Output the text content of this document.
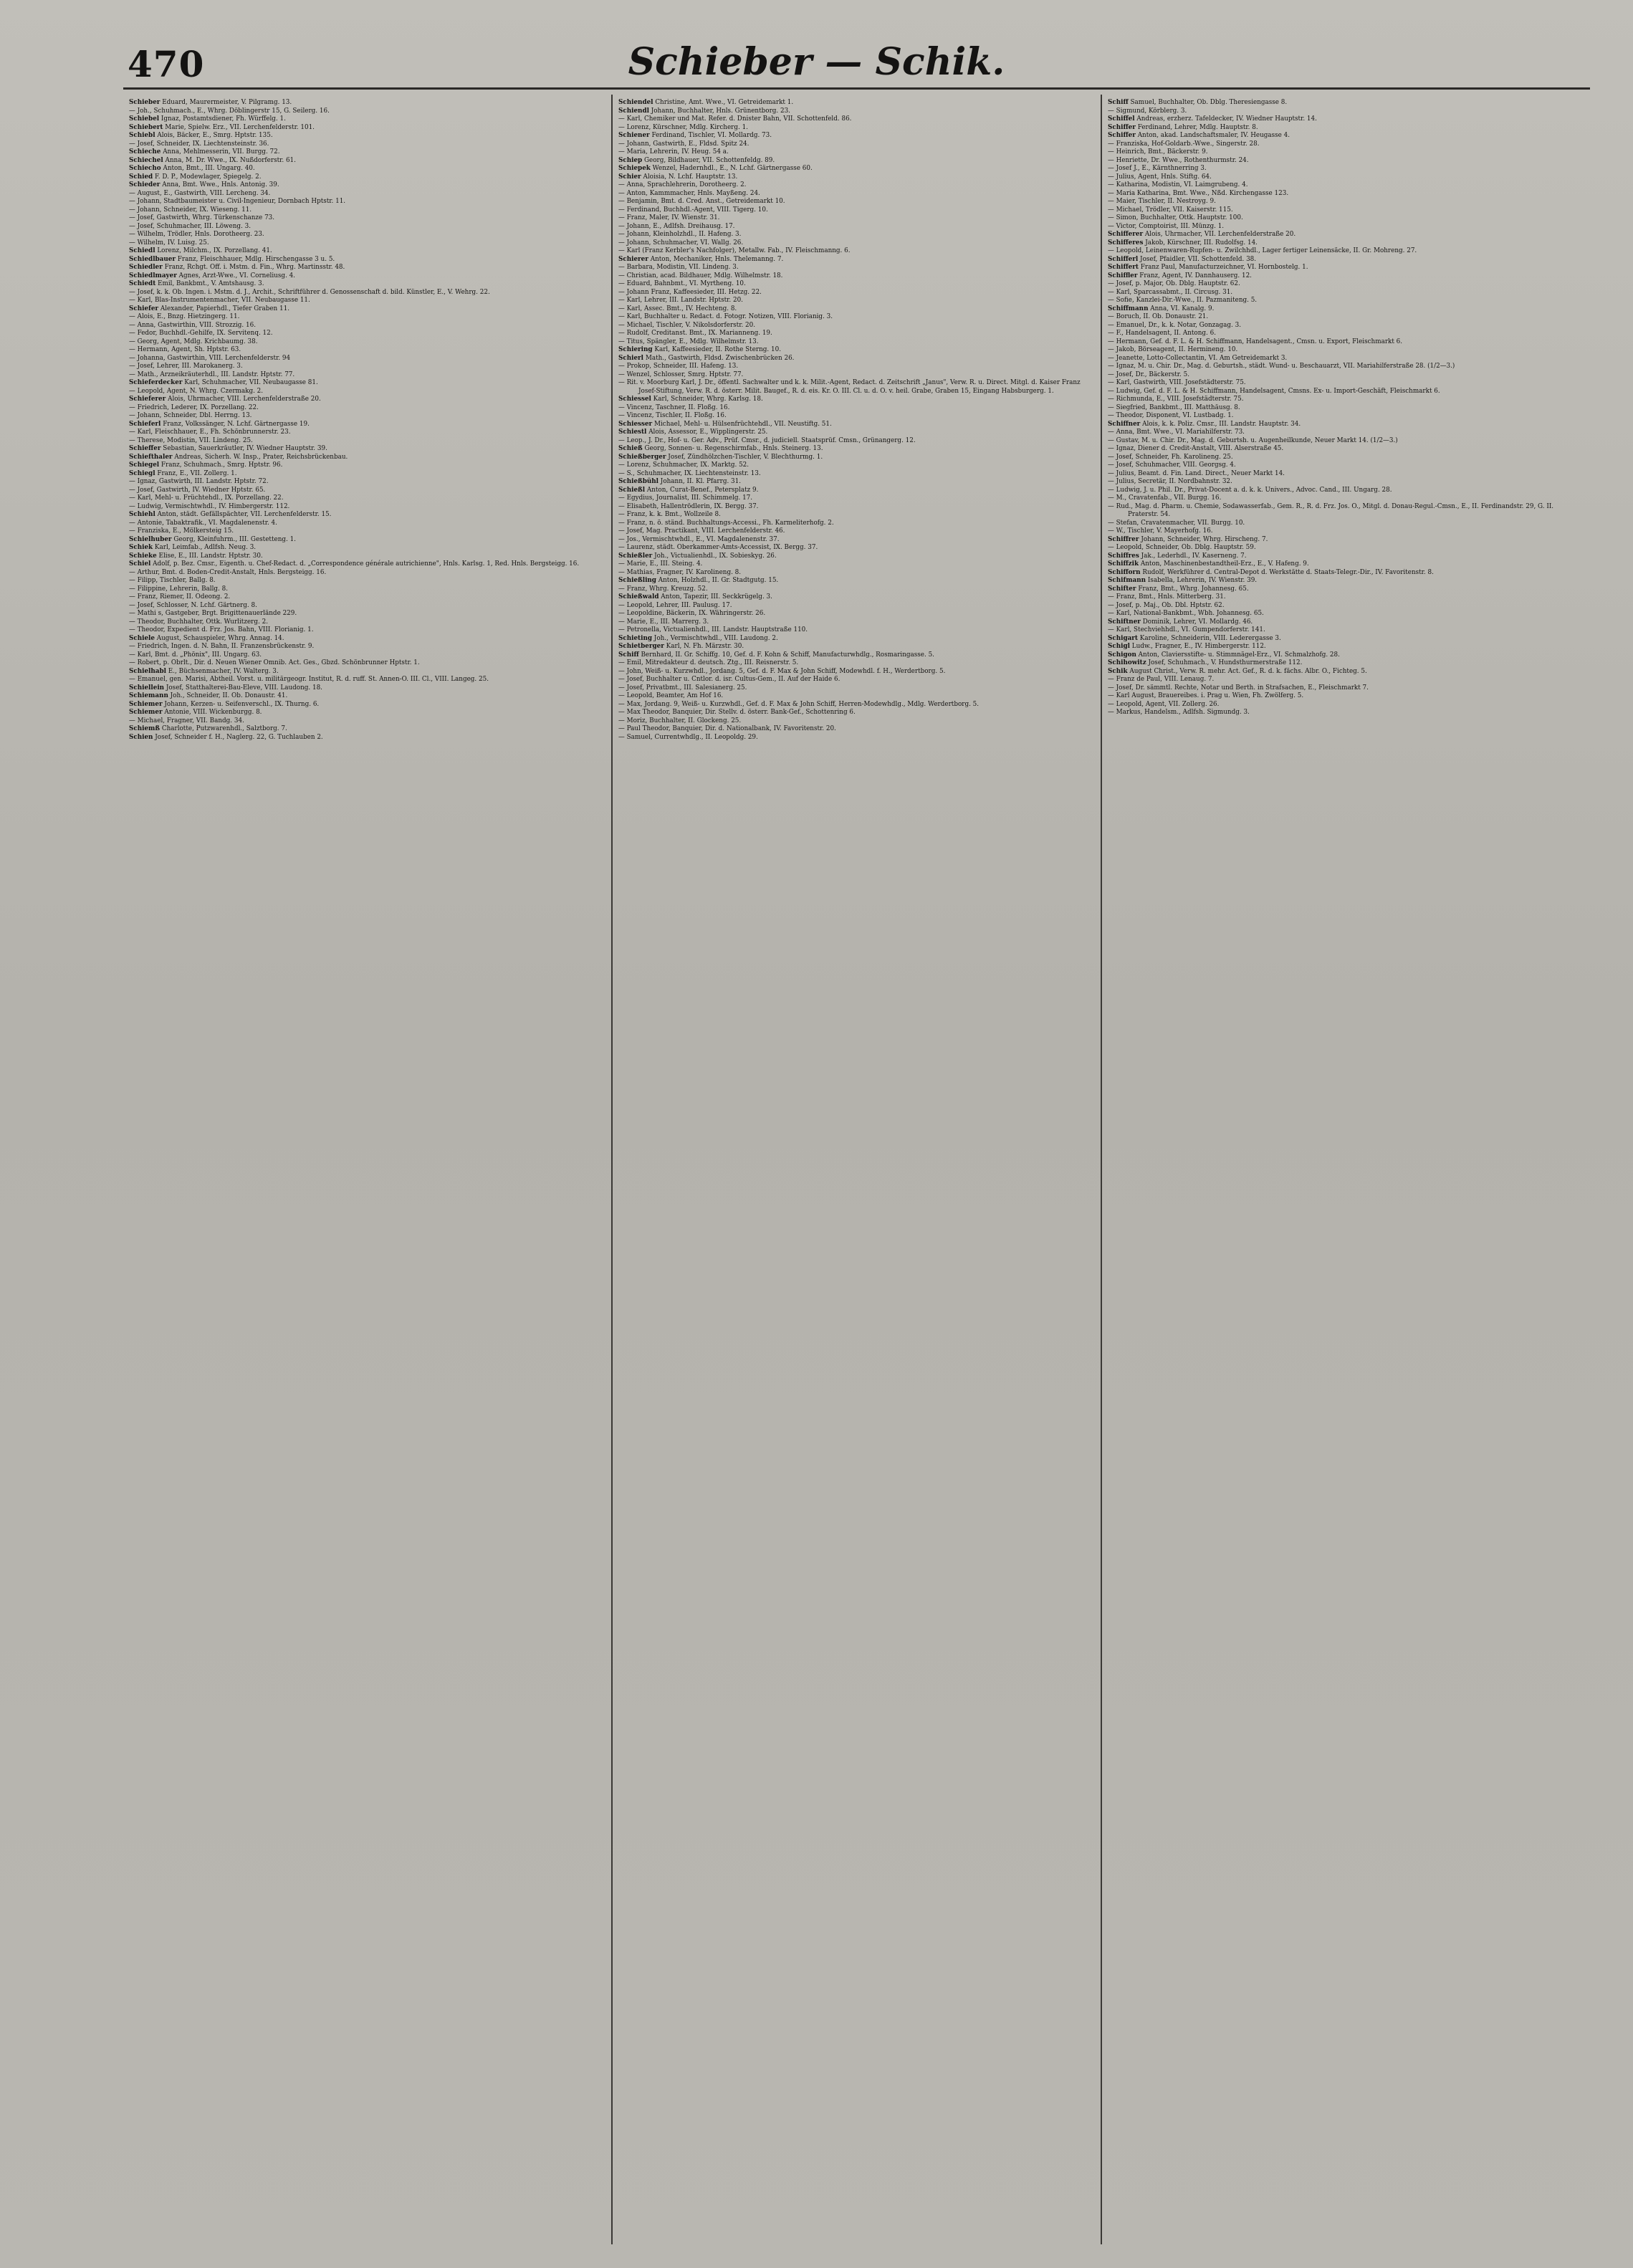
470	Schieber — Schik.

Schieber Eduard, Maurermeister, V. Pilgramg. 13.

— Joh., Schuhmach., E., Whrg. Döblingerstr 15, G. Seilerg. 16.

Schiebel Ignaz, Postamtsdiener, Fh. Würffelg. 1.

Schiebert Marie, Spielw. Erz., VII. Lerchenfelderstr. 101.

Schiebl Alois, Bäcker, E., Smrg. Hptstr. 135.

— Josef, Schneider, IX. Liechtensteinstr. 36.

Schieche Anna, Mehlmesserin, VII. Burgg. 72.

Schiechel Anna, M. Dr. Wwe., IX. Nußdorferstr. 61.

Schiecho Anton, Bmt., III. Ungarg. 40.

Schied F. D. P., Modewlager, Spiegelg. 2.

Schieder Anna, Bmt. Wwe., Hnls. Antonig. 39.

— August, E., Gastwirth, VIII. Lercheng. 34.

— Johann, Stadtbaumeister u. Civil-Ingenieur, Dornbach Hptstr. 11.

— Johann, Schneider, IX. Wieseng. 11.

— Josef, Gastwirth, Whrg. Türkenschanze 73.

— Josef, Schuhmacher, III. Löweng. 3.

— Wilhelm, Trödler, Hnls. Dorotheerg. 23.

— Wilhelm, IV. Luisg. 25.

Schiedl Lorenz, Milchm., IX. Porzellang. 41.

Schiedlbauer Franz, Fleischhauer, Mdlg. Hirschengasse 3 u. 5.

Schiedler Franz, Rchgt. Off. i. Mstm. d. Fin., Whrg. Martinsstr. 48.

Schiedlmayer Agnes, Arzt-Wwe., VI. Corneliusg. 4.

Schiedt Emil, Bankbmt., V. Amtshausg. 3.

— Josef, k. k. Ob. Ingen. i. Mstm. d. J., Archit., Schriftführer d. Genossenschaft d. bild. Künstler, E., V. Wehrg. 22.

— Karl, Blas-Instrumentenmacher, VII. Neubaugasse 11.

Schiefer Alexander, Papierhdl., Tiefer Graben 11.

— Alois, E., Bnzg. Hietzingerg. 11.

— Anna, Gastwirthin, VIII. Strozzig. 16.

— Fedor, Buchhdl.-Gehilfe, IX. Servitenq. 12.

— Georg, Agent, Mdlg. Krichbaumg. 38.

— Hermann, Agent, Sh. Hptstr. 63.

— Johanna, Gastwirthin, VIII. Lerchenfelderstr. 94

— Josef, Lehrer, III. Marokanerg. 3.

— Math., Arzneikräuterhdl., III. Landstr. Hptstr. 77.

Schieferdecker Karl, Schuhmacher, VII. Neubaugasse 81.

— Leopold, Agent, N. Whrg. Czermakg. 2.

Schieferer Alois, Uhrmacher, VIII. Lerchenfelderstraße 20.

— Friedrich, Lederer, IX. Porzellang. 22.

— Johann, Schneider, Dbl. Herrng. 13.

Schieferl Franz, Volkssänger, N. Lchf. Gärtnergasse 19.

— Karl, Fleischhauer, E., Fh. Schönbrunnerstr. 23.

— Therese, Modistin, VII. Lindeng. 25.

Schieffer Sebastian, Sauerkräutler, IV. Wiedner Hauptstr. 39.

Schiefthaler Andreas, Sicherh. W. Insp., Prater, Reichsbrückenbau.

Schiegel Franz, Schuhmach., Smrg. Hptstr. 96.

Schiegl Franz, E., VII. Zollerg. 1.

— Ignaz, Gastwirth, III. Landstr. Hptstr. 72.

— Josef, Gastwirth, IV. Wiedner Hptstr. 65.

— Karl, Mehl- u. Früchtehdl., IX. Porzellang. 22.

— Ludwig, Vermischtwhdl., IV. Himbergerstr. 112.

Schiehl Anton, städt. Gefällspächter, VII. Lerchenfelderstr. 15.

— Antonie, Tabaktrafik., VI. Magdalenenstr. 4.

— Franziska, E., Mölkersteig 15.

Schielhuber Georg, Kleinfuhrm., III. Gestetteng. 1.

Schiek Karl, Leimfab., Adlfsh. Neug. 3.

Schieke Elise, E., III. Landstr. Hptstr. 30.

Schiel Adolf, p. Bez. Cmsr., Eigenth. u. Chef-Redact. d. „Correspondence générale autrichienne", Hnls. Karlsg. 1, Red. Hnls. Bergsteigg. 16.

— Arthur, Bmt. d. Boden-Credit-Anstalt, Hnls. Bergsteigg. 16.

— Filipp, Tischler, Ballg. 8.

— Filippine, Lehrerin, Ballg. 8.

— Franz, Riemer, II. Odeong. 2.

— Josef, Schlosser, N. Lchf. Gärtnerg. 8.

— Mathi s, Gastgeber, Brgt. Brigittenauerlände 229.

— Theodor, Buchhalter, Ottk. Wurlitzerg. 2.

— Theodor, Expedient d. Frz. Jos. Bahn, VIII. Florianig. 1.

Schiele August, Schauspieler, Whrg. Annag. 14.

— Friedrich, Ingen. d. N. Bahn, II. Franzensbrückenstr. 9.

— Karl, Bmt. d. „Phönix", III. Ungarg. 63.

— Robert, p. Obrlt., Dir. d. Neuen Wiener Omnib. Act. Ges., Gbzd. Schönbrunner Hptstr. 1.

Schielhabl E., Büchsenmacher, IV. Walterg. 3.

— Emanuel, gen. Marisi, Abtheil. Vorst. u. militärgeogr. Institut, R. d. ruff. St. Annen-O. III. Cl., VIII. Langeg. 25.

Schiellein Josef, Statthalterei-Bau-Eleve, VIII. Laudong. 18.

Schiemann Joh., Schneider, II. Ob. Donaustr. 41.

Schiemer Johann, Kerzen- u. Seifenverschl., IX. Thurng. 6.

Schiemer Antonie, VIII. Wickenburgg. 8.

— Michael, Fragner, VII. Bandg. 34.

Schiemß Charlotte, Putzwarenhdl., Salztborg. 7.

Schien Josef, Schneider f. H., Naglerg. 22, G. Tuchlauben 2.

Schiendel Christine, Amt. Wwe., VI. Getreidemarkt 1.

Schiendl Johann, Buchhalter, Hnls. Grünentborg. 23.

— Karl, Chemiker und Mat. Refer. d. Dnister Bahn, VII. Schottenfeld. 86.

— Lorenz, Kürschner, Mdlg. Kircherg. 1.

Schiener Ferdinand, Tischler, VI. Mollardg. 73.

— Johann, Gastwirth, E., Fldsd. Spitz 24.

— Maria, Lehrerin, IV. Heug. 54 a.

Schiep Georg, Bildhauer, VII. Schottenfeldg. 89.

Schiepek Wenzel, Hadernhdl., E., N. Lchf. Gärtnergasse 60.

Schier Aloisia, N. Lchf. Hauptstr. 13.

— Anna, Sprachlehrerin, Dorotheerg. 2.

— Anton, Kammmacher, Hnls. Mayßeng. 24.

— Benjamin, Bmt. d. Cred. Anst., Getreidemarkt 10.

— Ferdinand, Buchhdl.-Agent, VIII. Tigerg. 10.

— Franz, Maler, IV. Wienstr. 31.

— Johann, E., Adlfsh. Dreihausg. 17.

— Johann, Kleinholzhdl., II. Hafeng. 3.

— Johann, Schuhmacher, VI. Wallg. 26.

— Karl (Franz Kerbler's Nachfolger), Metallw. Fab., IV. Fleischmanng. 6.

Schierer Anton, Mechaniker, Hnls. Thelemanng. 7.

— Barbara, Modistin, VII. Lindeng. 3.

— Christian, acad. Bildhauer, Mdlg. Wilhelmstr. 18.

— Eduard, Bahnbmt., VI. Myrtheng. 10.

— Johann Franz, Kaffeesieder, III. Hetzg. 22.

— Karl, Lehrer, III. Landstr. Hptstr. 20.

— Karl, Assec. Bmt., IV. Hechteng. 8.

— Karl, Buchhalter u. Redact. d. Fotogr. Notizen, VIII. Florianig. 3.

— Michael, Tischler, V. Nikolsdorferstr. 20.

— Rudolf, Creditanst. Bmt., IX. Marianneng. 19.

— Titus, Spängler, E., Mdlg. Wilhelmstr. 13.

Schiering Karl, Kaffeesieder, II. Rothe Sterng. 10.

Schierl Math., Gastwirth, Fldsd. Zwischenbrücken 26.

— Prokop, Schneider, III. Hafeng. 13.

— Wenzel, Schlosser, Smrg. Hptstr. 77.

— Rit. v. Moorburg Karl, J. Dr., öffentl. Sachwalter und k. k. Milit.-Agent, Redact. d. Zeitschrift „Janus", Verw. R. u. Direct. Mitgl. d. Kaiser Franz Josef-Stiftung, Verw. R. d. österr. Milit. Baugef., R. d. eis. Kr. O. III. Cl. u. d. O. v. heil. Grabe, Graben 15, Eingang Habsburgerg. 1.

Schiessel Karl, Schneider, Whrg. Karlsg. 18.

— Vincenz, Taschner, II. Floßg. 16.

— Vincenz, Tischler, II. Floßg. 16.

Schiesser Michael, Mehl- u. Hülsenfrüchtehdl., VII. Neustiftg. 51.

Schiestl Alois, Assessor, E., Wipplingerstr. 25.

— Leop., J. Dr., Hof- u. Ger. Adv., Prüf. Cmsr., d. judiciell. Staatsprüf. Cmsn., Grünangerg. 12.

Schieß Georg, Sonnen- u. Regenschirmfab., Hnls. Steinerg. 13.

Schießberger Josef, Zündhölzchen-Tischler, V. Blechthurmg. 1.

— Lorenz, Schuhmacher, IX. Marktg. 52.

— S., Schuhmacher, IX. Liechtensteinstr. 13.

Schießbühl Johann, II. Kl. Pfarrg. 31.

Schießl Anton, Curat-Benef., Petersplatz 9.

— Egydius, Journalist, III. Schimmelg. 17.

— Elisabeth, Hallentrödlerin, IX. Bergg. 37.

— Franz, k. k. Bmt., Wollzeile 8.

— Franz, n. ö. ständ. Buchhaltungs-Accessi., Fh. Karmeliterhofg. 2.

— Josef, Mag. Practikant, VIII. Lerchenfelderstr. 46.

— Jos., Vermischtwhdl., E., VI. Magdalenenstr. 37.

— Laurenz, städt. Oberkammer-Amts-Accessist, IX. Bergg. 37.

Schießler Joh., Victualienhdl., IX. Sobieskyg. 26.

— Marie, E., III. Steing. 4.

— Mathias, Fragner, IV. Karolineng. 8.

Schießling Anton, Holzhdl., II. Gr. Stadtgutg. 15.

— Franz, Whrg. Kreuzg. 52.

Schießwald Anton, Tapezir, III. Seckkrügelg. 3.

— Leopold, Lehrer, III. Paulusg. 17.

— Leopoldine, Bäckerin, IX. Währingerstr. 26.

— Marie, E., III. Marrerg. 3.

— Petronella, Victualienhdl., III. Landstr. Hauptstraße 110.

Schieting Joh., Vermischtwhdl., VIII. Laudong. 2.

Schietberger Karl, N. Fh. Märzstr. 30.

Schiff Bernhard, II. Gr. Schiffg. 10, Gef. d. F. Kohn & Schiff, Manufacturwhdlg., Rosmaringasse. 5.

— Emil, Mitredakteur d. deutsch. Ztg., III. Reisnerstr. 5.

— John, Weiß- u. Kurzwhdl., Jordang. 5, Gef. d. F. Max & John Schiff, Modewhdl. f. H., Werdertborg. 5.

— Josef, Buchhalter u. Cntlor. d. isr. Cultus-Gem., II. Auf der Haide 6.

— Josef, Privatbmt., III. Salesianerg. 25.

— Leopold, Beamter, Am Hof 16.

— Max, Jordang. 9, Weiß- u. Kurzwhdl., Gef. d. F. Max & John Schiff, Herren-Modewhdlg., Mdlg. Werdertborg. 5.

— Max Theodor, Banquier, Dir. Stellv. d. österr. Bank-Gef., Schottenring 6.

— Moriz, Buchhalter, II. Glockeng. 25.

— Paul Theodor, Banquier, Dir. d. Nationalbank, IV. Favoritenstr. 20.

— Samuel, Currentwhdlg., II. Leopoldg. 29.

Schiff Samuel, Buchhalter, Ob. Dblg. Theresiengasse 8.

— Sigmund, Körblerg. 3.

Schiffel Andreas, erzherz. Tafeldecker, IV. Wiedner Hauptstr. 14.

Schiffer Ferdinand, Lehrer, Mdlg. Hauptstr. 8.

Schiffer Anton, akad. Landschaftsmaler, IV. Heugasse 4.

— Franziska, Hof-Goldarb.-Wwe., Singerstr. 28.

— Heinrich, Bmt., Bäckerstr. 9.

— Henriette, Dr. Wwe., Rothenthurmstr. 24.

— Josef J., E., Kärnthnerring 3.

— Julius, Agent, Hnls. Stiftg. 64.

— Katharina, Modistin, VI. Laimgrubeng. 4.

— Maria Katharina, Bmt. Wwe., Nßd. Kirchengasse 123.

— Maier, Tischler, II. Nestroyg. 9.

— Michael, Trödler, VII. Kaiserstr. 115.

— Simon, Buchhalter, Ottk. Hauptstr. 100.

— Victor, Comptoirist, III. Münzg. 1.

Schifferer Alois, Uhrmacher, VII. Lerchenfelderstraße 20.

Schifferes Jakob, Kürschner, III. Rudolfsg. 14.

— Leopold, Leinenwaren-Rupfen- u. Zwilchhdl., Lager fertiger Leinensäcke, II. Gr. Mohreng. 27.

Schifferl Josef, Pfaidler, VII. Schottenfeld. 38.

Schiffert Franz Paul, Manufacturzeichner, VI. Hornbostelg. 1.

Schiffler Franz, Agent, IV. Dannhauserg. 12.

— Josef, p. Major, Ob. Dblg. Hauptstr. 62.

— Karl, Sparcassabmt., II. Circusg. 31.

— Sofie, Kanzlei-Dir.-Wwe., II. Pazmaniteng. 5.

Schiffmann Anna, VI. Kanalg. 9.

— Boruch, II. Ob. Donaustr. 21.

— Emanuel, Dr., k. k. Notar, Gonzagag. 3.

— F., Handelsagent, II. Antong. 6.

— Hermann, Gef. d. F. L. & H. Schiffmann, Handelsagent., Cmsn. u. Export, Fleischmarkt 6.

— Jakob, Börseagent, II. Hermineng. 10.

— Jeanette, Lotto-Collectantin, VI. Am Getreidemarkt 3.

— Ignaz, M. u. Chir. Dr., Mag. d. Geburtsh., städt. Wund- u. Beschauarzt, VII. Mariahilferstraße 28. (1/2—3.)

— Josef, Dr., Bäckerstr. 5.

— Karl, Gastwirth, VIII. Josefstädterstr. 75.

— Ludwig, Gef. d. F. L. & H. Schiffmann, Handelsagent, Cmsns. Ex- u. Import-Geschäft, Fleischmarkt 6.

— Richmunda, E., VIII. Josefstädterstr. 75.

— Siegfried, Bankbmt., III. Matthäusg. 8.

— Theodor, Disponent, VI. Lustbadg. 1.

Schiffner Alois, k. k. Poliz. Cmsr., III. Landstr. Hauptstr. 34.

— Anna, Bmt. Wwe., VI. Mariahilferstr. 73.

— Gustav, M. u. Chir. Dr., Mag. d. Geburtsh. u. Augenheilkunde, Neuer Markt 14. (1/2—3.)

— Ignaz, Diener d. Credit-Anstalt, VIII. Alserstraße 45.

— Josef, Schneider, Fh. Karolineng. 25.

— Josef, Schuhmacher, VIII. Georgsg. 4.

— Julius, Beamt. d. Fin. Land. Direct., Neuer Markt 14.

— Julius, Secretär, II. Nordbahnstr. 32.

— Ludwig, J. u. Phil. Dr., Privat-Docent a. d. k. k. Univers., Advoc. Cand., III. Ungarg. 28.

— M., Cravatenfab., VII. Burgg. 16.

— Rud., Mag. d. Pharm. u. Chemie, Sodawasserfab., Gem. R., R. d. Frz. Jos. O., Mitgl. d. Donau-Regul.-Cmsn., E., II. Ferdinandstr. 29, G. II. Praterstr. 54.

— Stefan, Cravatenmacher, VII. Burgg. 10.

— W., Tischler, V. Mayerhofg. 16.

Schiffrer Johann, Schneider, Whrg. Hirscheng. 7.

— Leopold, Schneider, Ob. Dblg. Hauptstr. 59.

Schiffres Jak., Lederhdl., IV. Kaserneng. 7.

Schiffzik Anton, Maschinenbestandtheil-Erz., E., V. Hafeng. 9.

Schifforn Rudolf, Werkführer d. Central-Depot d. Werkstätte d. Staats-Telegr.-Dir., IV. Favoritenstr. 8.

Schifmann Isabella, Lehrerin, IV. Wienstr. 39.

Schifter Franz, Bmt., Whrg. Johannesg. 65.

— Franz, Bmt., Hnls. Mitterberg. 31.

— Josef, p. Maj., Ob. Dbl. Hptstr. 62.

— Karl, National-Bankbmt., Wbh. Johannesg. 65.

Schiftner Dominik, Lehrer, VI. Mollardg. 46.

— Karl, Stechviehhdl., VI. Gumpendorferstr. 141.

Schigart Karoline, Schneiderin, VIII. Lederergasse 3.

Schigl Ludw., Fragner, E., IV. Himbergerstr. 112.

Schigon Anton, Claviersstifte- u. Stimmnägel-Erz., VI. Schmalzhofg. 28.

Schihowitz Josef, Schuhmach., V. Hundsthurmerstraße 112.

Schik August Christ., Verw. R. mehr. Act. Gef., R. d. k. fächs. Albr. O., Fichteg. 5.

— Franz de Paul, VIII. Lenaug. 7.

— Josef, Dr. sämmtl. Rechte, Notar und Berth. in Strafsachen, E., Fleischmarkt 7.

— Karl August, Brauereibes. i. Prag u. Wien, Fh. Zwölferg. 5.

— Leopold, Agent, VII. Zollerg. 26.

— Markus, Handelsm., Adlfsh. Sigmundg. 3.
